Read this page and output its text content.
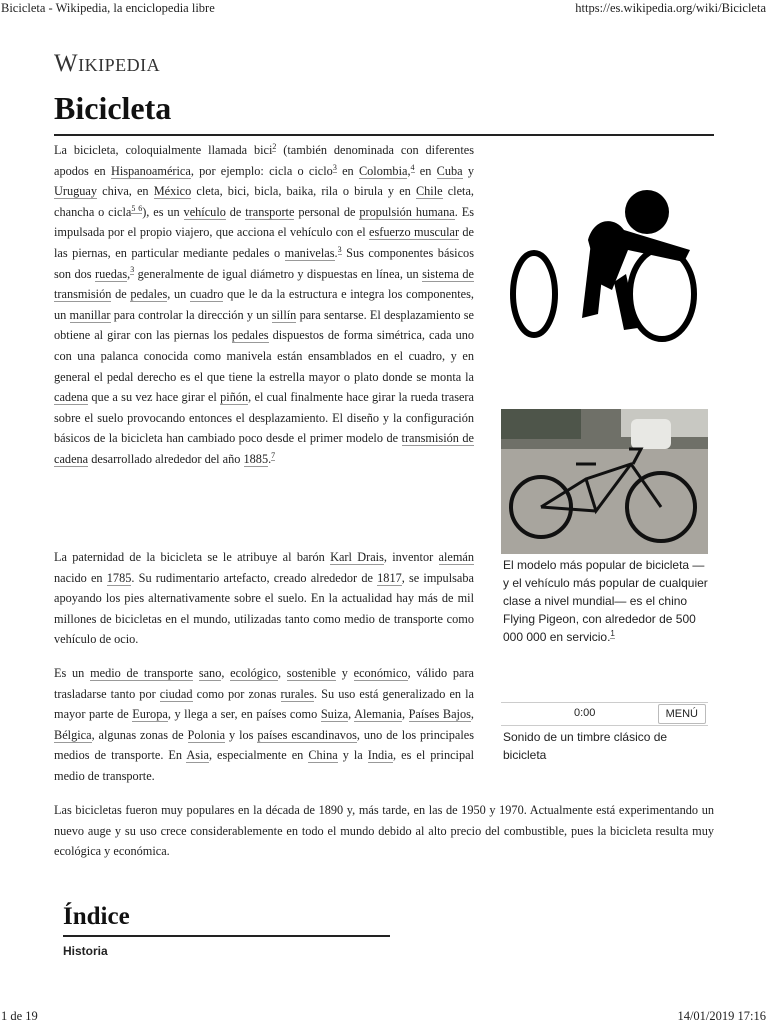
Bicicleta - Wikipedia, la enciclopedia libre	https://es.wikipedia.org/wiki/Bicicleta
Wikipedia
Bicicleta

La bicicleta, coloquialmente llamada bici$^2$ (también denominada con diferentes apodos en Hispanoamérica, por ejemplo: cicla o ciclo$^3$ en Colombia,$^4$ en Cuba y Uruguay chiva, en México cleta, bici, bicla, baika, rila o birula y en Chile cleta, chancha o cicla$^{5 6}$), es un vehículo de transporte personal de propulsión humana. Es impulsada por el propio viajero, que acciona el vehículo con el esfuerzo muscular de las piernas, en particular mediante pedales o manivelas.$^3$ Sus componentes básicos son dos ruedas,$^3$ generalmente de igual diámetro y dispuestas en línea, un sistema de transmisión de pedales, un cuadro que le da la estructura e integra los componentes, un manillar para controlar la dirección y un sillín para sentarse. El desplazamiento se obtiene al girar con las piernas los pedales dispuestos de forma simétrica, cada uno con una palanca conocida como manivela están ensamblados en el cuadro, y en general el pedal derecho es el que tiene la estrella mayor o plato donde se monta la cadena que a su vez hace girar el piñón, el cual finalmente hace girar la rueda trasera sobre el suelo provocando entonces el desplazamiento. El diseño y la configuración básicos de la bicicleta han cambiado poco desde el primer modelo de transmisión de cadena desarrollado alrededor del año 1885.$^7$

La paternidad de la bicicleta se le atribuye al barón Karl Drais, inventor alemán nacido en 1785. Su rudimentario artefacto, creado alrededor de 1817, se impulsaba apoyando los pies alternativamente sobre el suelo. En la actualidad hay más de mil millones de bicicletas en el mundo, utilizadas tanto como medio de transporte como vehículo de ocio.

Es un medio de transporte sano, ecológico, sostenible y económico, válido para trasladarse tanto por ciudad como por zonas rurales. Su uso está generalizado en la mayor parte de Europa, y llega a ser, en países como Suiza, Alemania, Países Bajos, Bélgica, algunas zonas de Polonia y los países escandinavos, uno de los principales medios de transporte. En Asia, especialmente en China y la India, es el principal medio de transporte.

Las bicicletas fueron muy populares en la década de 1890 y, más tarde, en las de 1950 y 1970. Actualmente está experimentando un nuevo auge y su uso crece considerablemente en todo el mundo debido al alto precio del combustible, pues la bicicleta resulta muy ecológica y económica.

El modelo más popular de bicicleta —y el vehículo más popular de cualquier clase a nivel mundial— es el chino Flying Pigeon, con alrededor de 500 000 000 en servicio.$^1$
0:00	MENÚ
Sonido de un timbre clásico de bicicleta
Índice
Historia
1 de 19	14/01/2019 17:16
